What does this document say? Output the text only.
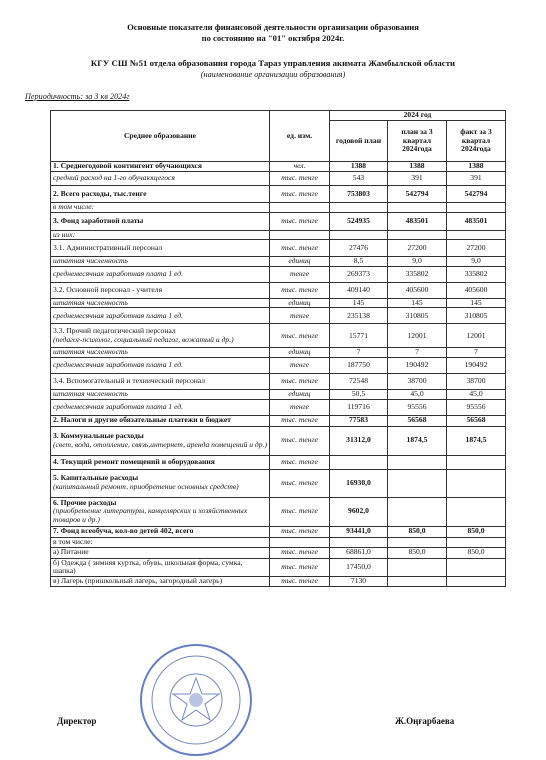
Основные показатели финансовой деятельности организации образования
по состоянию на "01" октября 2024г.
КГУ СШ №51 отдела образования города Тараз управления акимата Жамбылской области
(наименование организации образования)
Периодичность: за 3 кв 2024г
Среднее образование	ед. изм.	2024 год		
		годовой план	план за 3 квартал 2024года	факт за 3 квартал 2024года
1. Среднегодовой контингент обучающихся	чел.	1388	1388	1388
средний расход на 1-го обучающегося	тыс. тенге	543	391	391
2. Всего расходы, тыс.тенге	тыс. тенге	753803	542794	542794
в том числе:				
3. Фонд заработной платы	тыс. тенге	524935	483501	483501
из них:				
3.1. Административный персонал	тыс. тенге	27476	27200	27200
штатная численность	единиц	8,5	9,0	9,0
среднемесячная заработная плата 1 ед.	тенге	269373	335802	335802
3.2. Основной персонал - учителя	тыс. тенге	409140	405600	405600
штатная численность	единиц	145	145	145
среднемесячная заработная плата 1 ед.	тенге	235138	310805	310805
3.3. Прочий педагогический персонал
(педагог-психолог, социальный педагог, вожатый и др.)	тыс. тенге	15771	12001	12001
штатная численность	единиц	7	7	7
среднемесячная заработная плата 1 ед.	тенге	187750	190492	190492
3.4. Вспомогательный и технический персонал	тыс. тенге	72548	38700	38700
штатная численность	единиц	50,5	45,0	45,0
среднемесячная заработная плата 1 ед.	тенге	119716	95556	95556
2. Налоги и другие обязательные платежи в бюджет	тыс. тенге	77583	56568	56568
3. Коммунальные расходы
(свет, вода, отопление, связь,интернет, аренда помещений и др.)	тыс. тенге	31312,0	1874,5	1874,5
4. Текущий ремонт помещений и оборудования	тыс. тенге			
5. Капитальные расходы
(капитальный ремонт, приобретение основных средств)	тыс. тенге	16930,0		
6. Прочие расходы
(приобретение литературы, канцелярских и хозяйственных товаров и др.)	тыс. тенге	9602,0		
7. Фонд всеобуча, кол-во детей 402, всего	тыс. тенге	93441,0	850,0	850,0
в том числе:				
а) Питание	тыс. тенге	68861,0	850,0	850,0
б) Одежда ( зимняя куртка, обувь, школьная форма, сумка, шапка)	тыс. тенге	17450,0		
в) Лагерь (пришкольный лагерь, загородный лагерь)	тыс. тенге	7130		
Директор	Ж.Оңғарбаева
